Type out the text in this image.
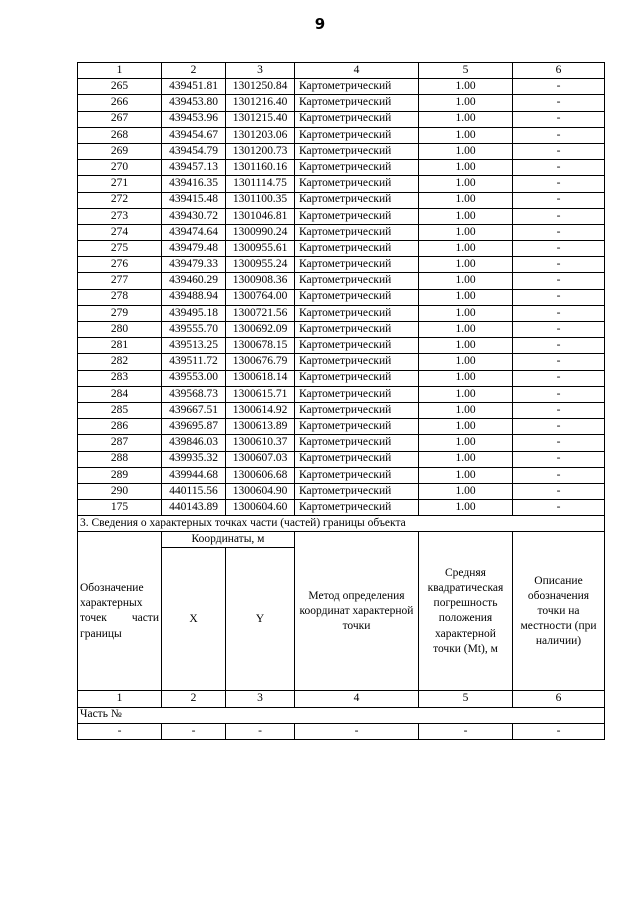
9
1	2	3	4	5	6
265	439451.81	1301250.84	Картометрический	1.00	-
266	439453.80	1301216.40	Картометрический	1.00	-
267	439453.96	1301215.40	Картометрический	1.00	-
268	439454.67	1301203.06	Картометрический	1.00	-
269	439454.79	1301200.73	Картометрический	1.00	-
270	439457.13	1301160.16	Картометрический	1.00	-
271	439416.35	1301114.75	Картометрический	1.00	-
272	439415.48	1301100.35	Картометрический	1.00	-
273	439430.72	1301046.81	Картометрический	1.00	-
274	439474.64	1300990.24	Картометрический	1.00	-
275	439479.48	1300955.61	Картометрический	1.00	-
276	439479.33	1300955.24	Картометрический	1.00	-
277	439460.29	1300908.36	Картометрический	1.00	-
278	439488.94	1300764.00	Картометрический	1.00	-
279	439495.18	1300721.56	Картометрический	1.00	-
280	439555.70	1300692.09	Картометрический	1.00	-
281	439513.25	1300678.15	Картометрический	1.00	-
282	439511.72	1300676.79	Картометрический	1.00	-
283	439553.00	1300618.14	Картометрический	1.00	-
284	439568.73	1300615.71	Картометрический	1.00	-
285	439667.51	1300614.92	Картометрический	1.00	-
286	439695.87	1300613.89	Картометрический	1.00	-
287	439846.03	1300610.37	Картометрический	1.00	-
288	439935.32	1300607.03	Картометрический	1.00	-
289	439944.68	1300606.68	Картометрический	1.00	-
290	440115.56	1300604.90	Картометрический	1.00	-
175	440143.89	1300604.60	Картометрический	1.00	-
3. Сведения о характерных точках части (частей) границы объекта					
Обозначение характерных точек части границы	Координаты, м		Метод определения координат характерной точки	Средняя квадратическая погрешность положения характерной точки (Mt), м	Описание обозначения точки на местности (при наличии)
	X	Y			
1	2	3	4	5	6
Часть №					
-	-	-	-	-	-
